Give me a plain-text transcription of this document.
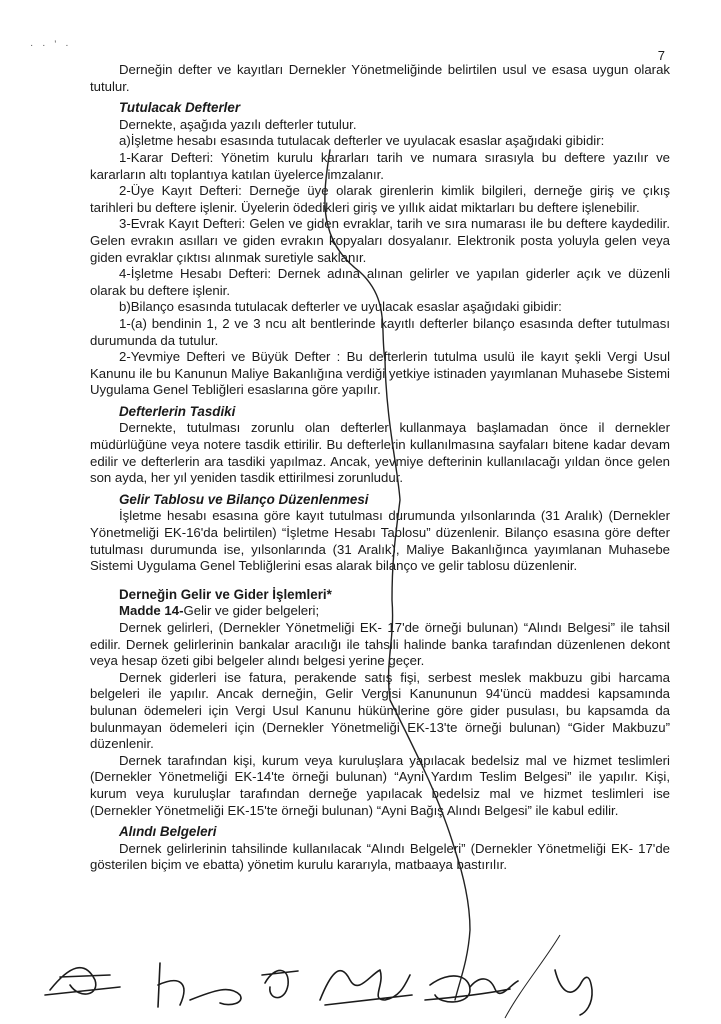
· · ʼ ·
7

Derneğin defter ve kayıtları Dernekler Yönetmeliğinde belirtilen usul ve esasa uygun olarak tutulur.

Tutulacak Defterler

Dernekte, aşağıda yazılı defterler tutulur.

a)İşletme hesabı esasında tutulacak defterler ve uyulacak esaslar aşağıdaki gibidir:

1-Karar Defteri: Yönetim kurulu kararları tarih ve numara sırasıyla bu deftere yazılır ve kararların altı toplantıya katılan üyelerce imzalanır.

2-Üye Kayıt Defteri: Derneğe üye olarak girenlerin kimlik bilgileri, derneğe giriş ve çıkış tarihleri bu deftere işlenir. Üyelerin ödedikleri giriş ve yıllık aidat miktarları bu deftere işlenebilir.

3-Evrak Kayıt Defteri: Gelen ve giden evraklar, tarih ve sıra numarası ile bu deftere kaydedilir. Gelen evrakın asılları ve giden evrakın kopyaları dosyalanır. Elektronik posta yoluyla gelen veya giden evraklar çıktısı alınmak suretiyle saklanır.

4-İşletme Hesabı Defteri: Dernek adına alınan gelirler ve yapılan giderler açık ve düzenli olarak bu deftere işlenir.

b)Bilanço esasında tutulacak defterler ve uyulacak esaslar aşağıdaki gibidir:

1-(a) bendinin 1, 2 ve 3 ncu alt bentlerinde kayıtlı defterler bilanço esasında defter tutulması durumunda da tutulur.

2-Yevmiye Defteri ve Büyük Defter : Bu defterlerin tutulma usulü ile kayıt şekli Vergi Usul Kanunu ile bu Kanunun Maliye Bakanlığına verdiği yetkiye istinaden yayımlanan Muhasebe Sistemi Uygulama Genel Tebliğleri esaslarına göre yapılır.

Defterlerin Tasdiki

Dernekte, tutulması zorunlu olan defterler kullanmaya başlamadan önce il dernekler müdürlüğüne veya notere tasdik ettirilir. Bu defterlerin kullanılmasına sayfaları bitene kadar devam edilir ve defterlerin ara tasdiki yapılmaz. Ancak, yevmiye defterinin kullanılacağı yıldan önce gelen son ayda, her yıl yeniden tasdik ettirilmesi zorunludur.

Gelir Tablosu ve Bilanço Düzenlenmesi

İşletme hesabı esasına göre kayıt tutulması durumunda yılsonlarında (31 Aralık) (Dernekler Yönetmeliği EK-16'da belirtilen) “İşletme Hesabı Tablosu” düzenlenir. Bilanço esasına göre defter tutulması durumunda ise, yılsonlarında (31 Aralık), Maliye Bakanlığınca yayımlanan Muhasebe Sistemi Uygulama Genel Tebliğlerini esas alarak bilanço ve gelir tablosu düzenlenir.

Derneğin Gelir ve Gider İşlemleri*
Madde 14-Gelir ve gider belgeleri;

Dernek gelirleri, (Dernekler Yönetmeliği EK- 17'de örneği bulunan) “Alındı Belgesi” ile tahsil edilir. Dernek gelirlerinin bankalar aracılığı ile tahsili halinde banka tarafından düzenlenen dekont veya hesap özeti gibi belgeler alındı belgesi yerine geçer.

Dernek giderleri ise fatura, perakende satış fişi, serbest meslek makbuzu gibi harcama belgeleri ile yapılır. Ancak derneğin, Gelir Vergisi Kanununun 94'üncü maddesi kapsamında bulunan ödemeleri için Vergi Usul Kanunu hükümlerine göre gider pusulası, bu kapsamda da bulunmayan ödemeleri için (Dernekler Yönetmeliği EK-13'te örneği bulunan) “Gider Makbuzu” düzenlenir.

Dernek tarafından kişi, kurum veya kuruluşlara yapılacak bedelsiz mal ve hizmet teslimleri (Dernekler Yönetmeliği EK-14'te örneği bulunan) “Ayni Yardım Teslim Belgesi” ile yapılır. Kişi, kurum veya kuruluşlar tarafından derneğe yapılacak bedelsiz mal ve hizmet teslimleri ise (Dernekler Yönetmeliği EK-15'te örneği bulunan) “Ayni Bağış Alındı Belgesi” ile kabul edilir.

Alındı Belgeleri

Dernek gelirlerinin tahsilinde kullanılacak “Alındı Belgeleri” (Dernekler Yönetmeliği EK- 17'de gösterilen biçim ve ebatta) yönetim kurulu kararıyla, matbaaya bastırılır.
